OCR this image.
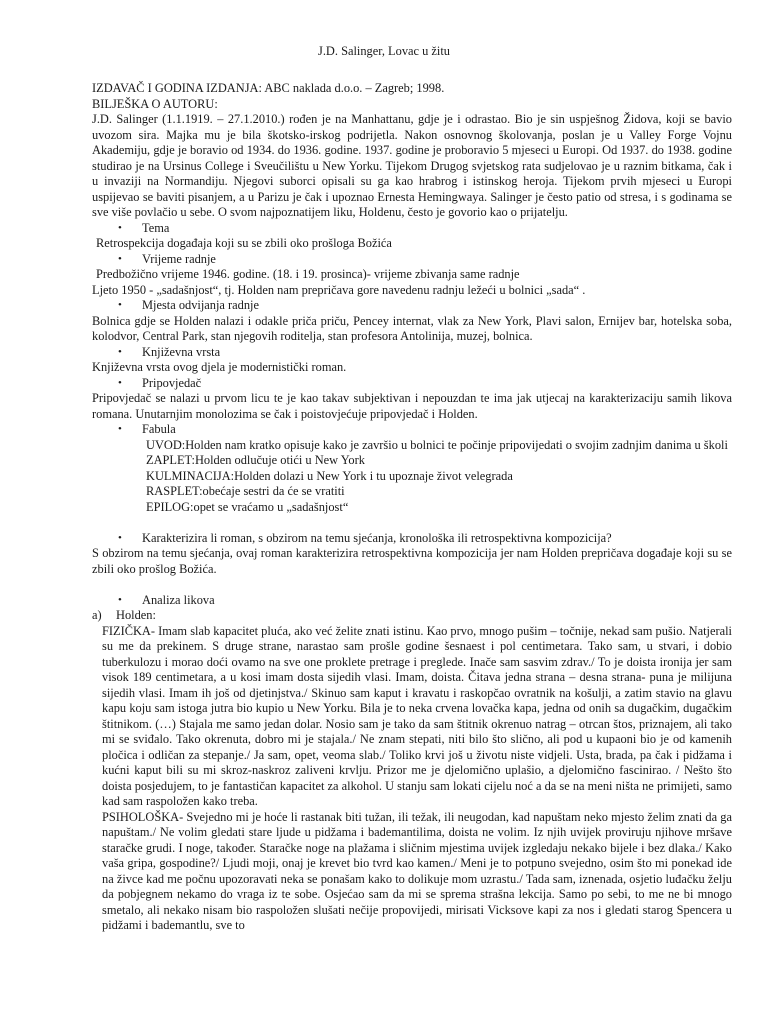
J.D. Salinger, Lovac u žitu

IZDAVAČ I GODINA IZDANJA: ABC naklada d.o.o. – Zagreb; 1998.

BILJEŠKA O AUTORU:

J.D. Salinger (1.1.1919. – 27.1.2010.) rođen je na Manhattanu, gdje je i odrastao. Bio je sin uspješnog Židova, koji se bavio uvozom sira. Majka mu je bila škotsko-irskog podrijetla. Nakon osnovnog školovanja, poslan je u Valley Forge Vojnu Akademiju, gdje je boravio od 1934. do 1936. godine. 1937. godine je proboravio 5 mjeseci u Europi. Od 1937. do 1938. godine studirao je na Ursinus College i Sveučilištu u New Yorku. Tijekom Drugog svjetskog rata sudjelovao je u raznim bitkama, čak i u invaziji na Normandiju. Njegovi suborci opisali su ga kao hrabrog i istinskog heroja. Tijekom prvih mjeseci u Europi uspijevao se baviti pisanjem, a u Parizu je čak i upoznao Ernesta Hemingwaya. Salinger je često patio od stresa, i s godinama se sve više povlačio u sebe. O svom najpoznatijem liku, Holdenu, često je govorio kao o prijatelju.

• Tema

Retrospekcija događaja koji su se zbili oko prošloga Božića

• Vrijeme radnje

Predbožično vrijeme 1946. godine. (18. i 19. prosinca)- vrijeme zbivanja same radnje

Ljeto 1950 - „sadašnjost“, tj. Holden nam prepričava gore navedenu radnju ležeći u bolnici „sada“ .

• Mjesta odvijanja radnje

Bolnica gdje se Holden nalazi i odakle priča priču, Pencey internat, vlak za New York, Plavi salon, Ernijev bar, hotelska soba, kolodvor, Central Park, stan njegovih roditelja, stan profesora Antolinija, muzej, bolnica.

• Književna vrsta

Književna vrsta ovog djela je modernistički roman.

• Pripovjedač

Pripovjedač se nalazi u prvom licu te je kao takav subjektivan i nepouzdan te ima jak utjecaj na karakterizaciju samih likova romana. Unutarnjim monolozima se čak i poistovjećuje pripovjedač i Holden.

• Fabula

UVOD:Holden nam kratko opisuje kako je završio u bolnici te počinje pripovijedati o svojim zadnjim danima u školi

ZAPLET:Holden odlučuje otići u New York

KULMINACIJA:Holden dolazi u New York i tu upoznaje život velegrada

RASPLET:obećaje sestri da će se vratiti

EPILOG:opet se vraćamo u „sadašnjost“

• Karakterizira li roman, s obzirom na temu sjećanja, kronološka ili retrospektivna kompozicija?

S obzirom na temu sjećanja, ovaj roman karakterizira retrospektivna kompozicija jer nam Holden prepričava događaje koji su se zbili oko prošlog Božića.

• Analiza likova
a) Holden:

FIZIČKA- Imam slab kapacitet pluća, ako već želite znati istinu. Kao prvo, mnogo pušim – točnije, nekad sam pušio. Natjerali su me da prekinem. S druge strane, narastao sam prošle godine šesnaest i pol centimetara. Tako sam, u stvari, i dobio tuberkulozu i morao doći ovamo na sve one proklete pretrage i preglede. Inače sam sasvim zdrav./ To je doista ironija jer sam visok 189 centimetara, a u kosi imam dosta sijedih vlasi. Imam, doista. Čitava jedna strana – desna strana- puna je milijuna sijedih vlasi. Imam ih još od djetinjstva./ Skinuo sam kaput i kravatu i raskopčao ovratnik na košulji, a zatim stavio na glavu kapu koju sam istoga jutra bio kupio u New Yorku. Bila je to neka crvena lovačka kapa, jedna od onih sa dugačkim, dugačkim štitnikom. (…) Stajala me samo jedan dolar. Nosio sam je tako da sam štitnik okrenuo natrag – otrcan štos, priznajem, ali tako mi se sviđalo. Tako okrenuta, dobro mi je stajala./ Ne znam stepati, niti bilo što slično, ali pod u kupaoni bio je od kamenih pločica i odličan za stepanje./ Ja sam, opet, veoma slab./ Toliko krvi još u životu niste vidjeli. Usta, brada, pa čak i pidžama i kućni kaput bili su mi skroz-naskroz zaliveni krvlju. Prizor me je djelomično uplašio, a djelomično fascinirao. / Nešto što doista posjedujem, to je fantastičan kapacitet za alkohol. U stanju sam lokati cijelu noć a da se na meni ništa ne primijeti, samo kad sam raspoložen kako treba.

PSIHOLOŠKA- Svejedno mi je hoće li rastanak biti tužan, ili težak, ili neugodan, kad napuštam neko mjesto želim znati da ga napuštam./ Ne volim gledati stare ljude u pidžama i bademantilima, doista ne volim. Iz njih uvijek proviruju njihove mršave staračke grudi. I noge, također. Staračke noge na plažama i sličnim mjestima uvijek izgledaju nekako bijele i bez dlaka./ Kako vaša gripa, gospodine?/ Ljudi moji, onaj je krevet bio tvrd kao kamen./ Meni je to potpuno svejedno, osim što mi ponekad ide na živce kad me počnu upozoravati neka se ponašam kako to dolikuje mom uzrastu./ Tada sam, iznenada, osjetio luđačku želju da pobjegnem nekamo do vraga iz te sobe. Osjećao sam da mi se sprema strašna lekcija. Samo po sebi, to me ne bi mnogo smetalo, ali nekako nisam bio raspoložen slušati nečije propovijedi, mirisati Vicksove kapi za nos i gledati starog Spencera u pidžami i bademantlu, sve to
